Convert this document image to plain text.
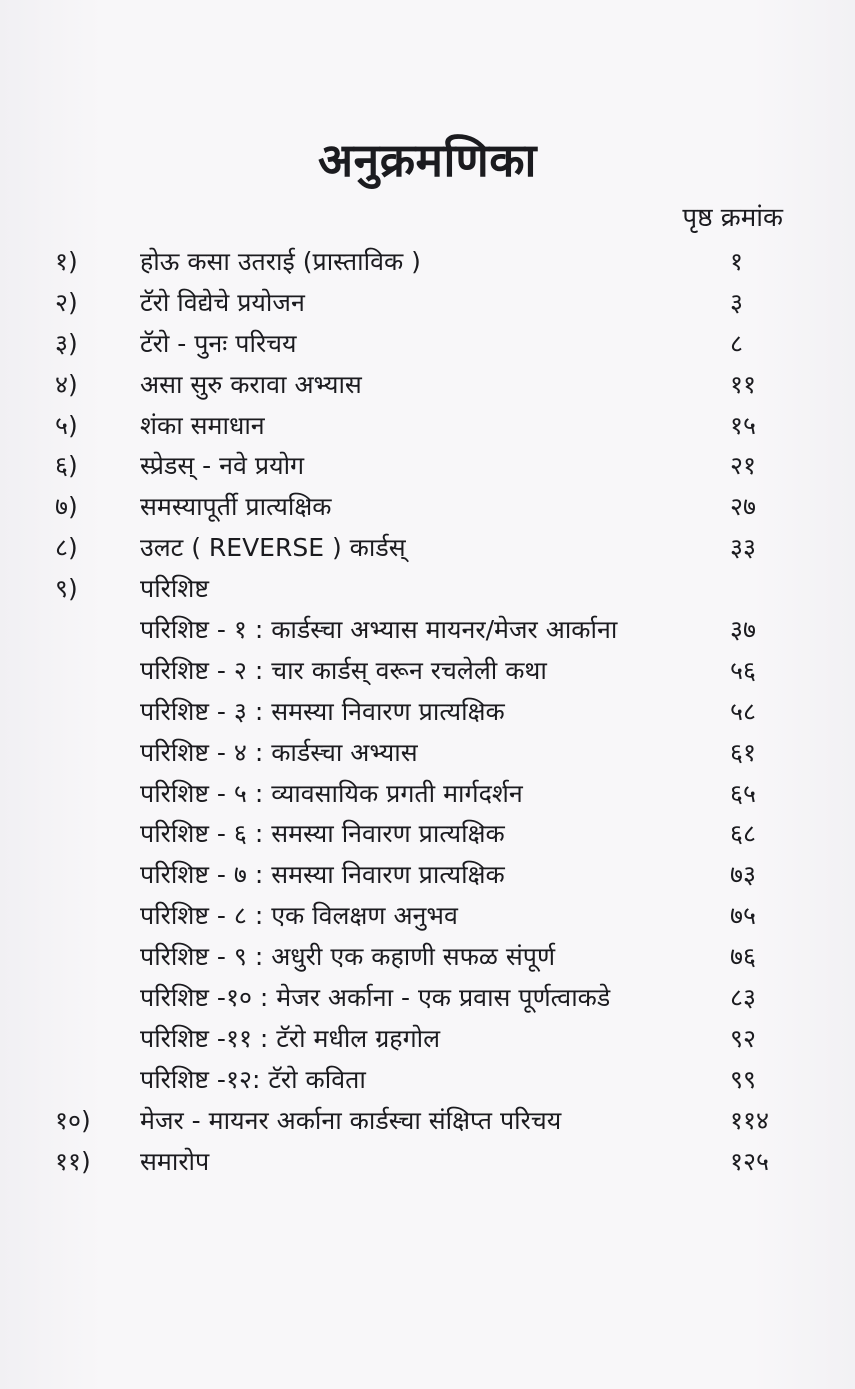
अनुक्रमणिका
पृष्ठ क्रमांक
१) होऊ कसा उतराई (प्रास्ताविक )	१
२) टॅरो विद्येचे प्रयोजन	३
३) टॅरो - पुनः परिचय	८
४) असा सुरु करावा अभ्यास	११
५) शंका समाधान	१५
६) स्प्रेडस् - नवे प्रयोग	२१
७) समस्यापूर्ती प्रात्यक्षिक	२७
८) उलट ( REVERSE ) कार्डस्	३३
९) परिशिष्ट
परिशिष्ट - १ : कार्डस्चा अभ्यास मायनर/मेजर आर्काना	३७
परिशिष्ट - २ : चार कार्डस् वरून रचलेली कथा	५६
परिशिष्ट - ३ : समस्या निवारण प्रात्यक्षिक	५८
परिशिष्ट - ४ : कार्डस्चा अभ्यास	६१
परिशिष्ट - ५ : व्यावसायिक प्रगती मार्गदर्शन	६५
परिशिष्ट - ६ : समस्या निवारण प्रात्यक्षिक	६८
परिशिष्ट - ७ : समस्या निवारण प्रात्यक्षिक	७३
परिशिष्ट - ८ : एक विलक्षण अनुभव	७५
परिशिष्ट - ९ : अधुरी एक कहाणी सफळ संपूर्ण	७६
परिशिष्ट -१० : मेजर अर्काना - एक प्रवास पूर्णत्वाकडे	८३
परिशिष्ट -११ : टॅरो मधील ग्रहगोल	९२
परिशिष्ट -१२: टॅरो कविता	९९
१०) मेजर - मायनर अर्काना कार्डस्चा संक्षिप्त परिचय	११४
११) समारोप	१२५
